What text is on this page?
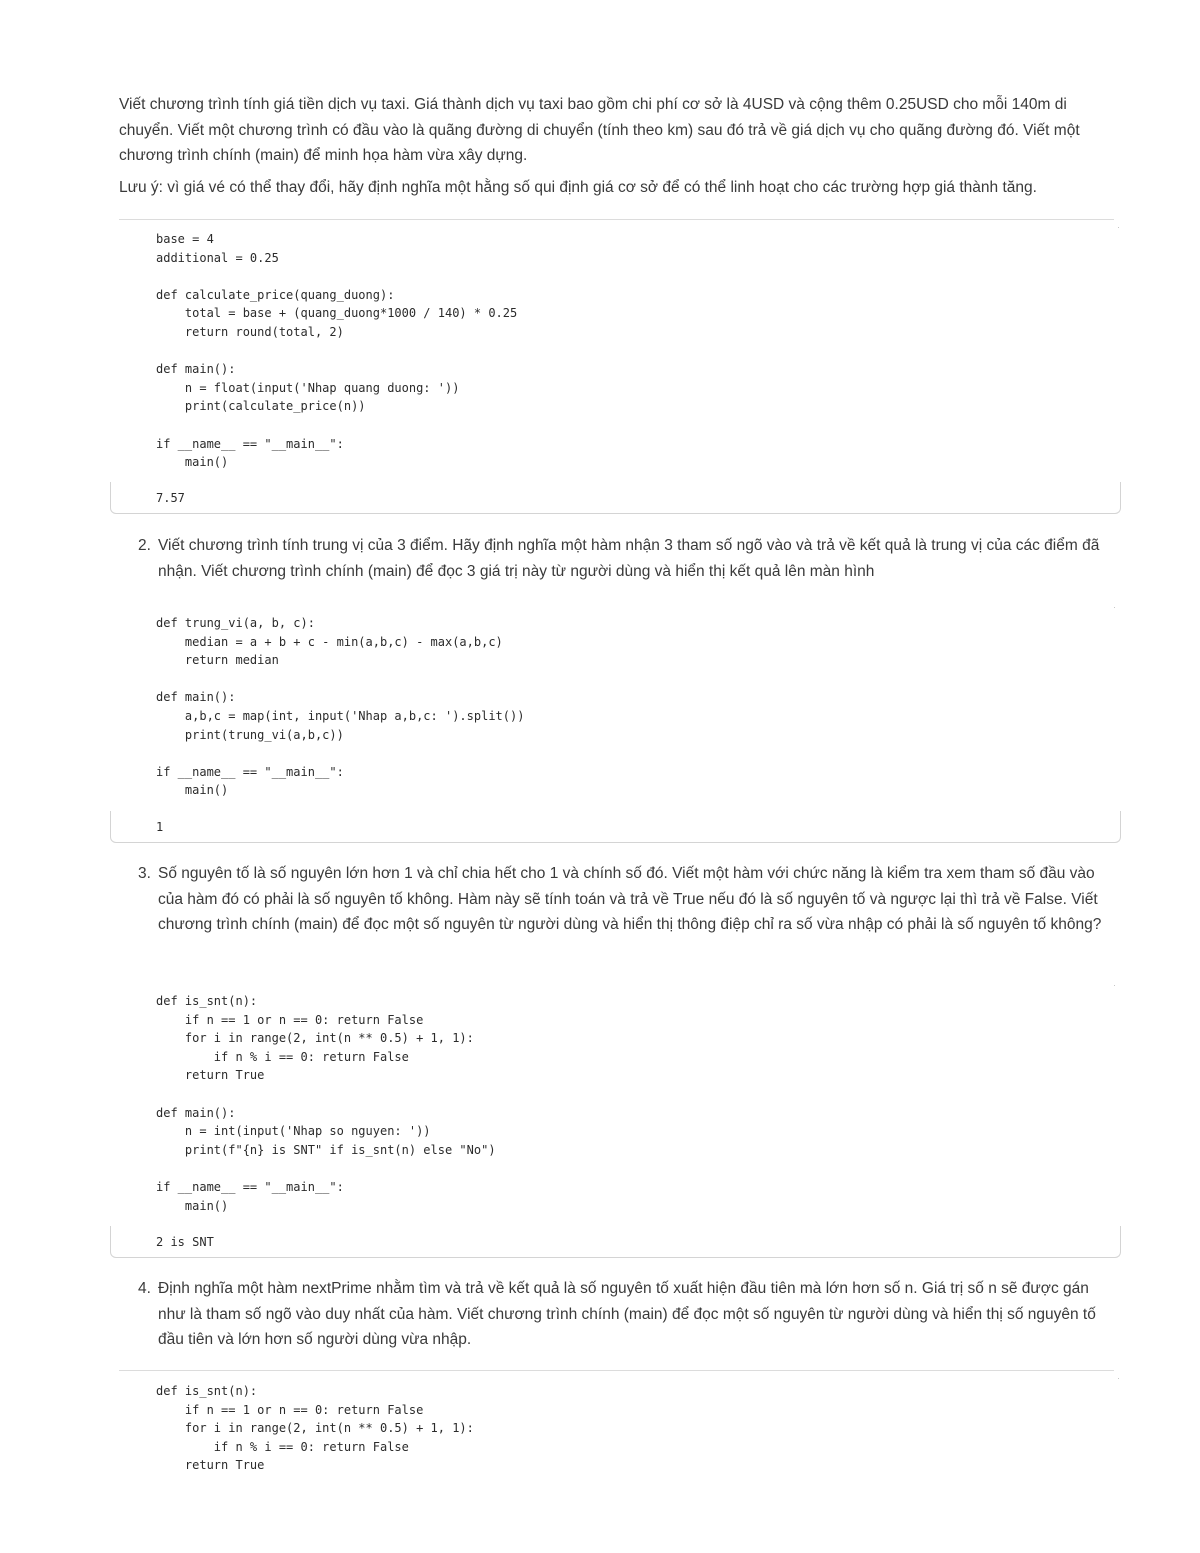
Viết chương trình tính giá tiền dịch vụ taxi. Giá thành dịch vụ taxi bao gồm chi phí cơ sở là 4USD và cộng thêm 0.25USD cho mỗi 140m di chuyển. Viết một chương trình có đầu vào là quãng đường di chuyển (tính theo km) sau đó trả về giá dịch vụ cho quãng đường đó. Viết một chương trình chính (main) để minh họa hàm vừa xây dựng.

Lưu ý: vì giá vé có thể thay đổi, hãy định nghĩa một hằng số qui định giá cơ sở để có thể linh hoạt cho các trường hợp giá thành tăng.

·
base = 4
additional = 0.25

def calculate_price(quang_duong):
total = base + (quang_duong*1000 / 140) * 0.25
return round(total, 2)

def main():
n = float(input('Nhap quang duong: '))
print(calculate_price(n))

if __name__ == "__main__":
main()
7.57
2. Viết chương trình tính trung vị của 3 điểm. Hãy định nghĩa một hàm nhận 3 tham số ngõ vào và trả về kết quả là trung vị của các điểm đã nhận. Viết chương trình chính (main) để đọc 3 giá trị này từ người dùng và hiển thị kết quả lên màn hình

·
def trung_vi(a, b, c):
median = a + b + c - min(a,b,c) - max(a,b,c)
return median

def main():
a,b,c = map(int, input('Nhap a,b,c: ').split())
print(trung_vi(a,b,c))

if __name__ == "__main__":
main()
1
3. Số nguyên tố là số nguyên lớn hơn 1 và chỉ chia hết cho 1 và chính số đó. Viết một hàm với chức năng là kiểm tra xem tham số đầu vào của hàm đó có phải là số nguyên tố không. Hàm này sẽ tính toán và trả về True nếu đó là số nguyên tố và ngược lại thì trả về False. Viết chương trình chính (main) để đọc một số nguyên từ người dùng và hiển thị thông điệp chỉ ra số vừa nhập có phải là số nguyên tố không?

·
def is_snt(n):
if n == 1 or n == 0: return False
for i in range(2, int(n ** 0.5) + 1, 1):
if n % i == 0: return False
return True

def main():
n = int(input('Nhap so nguyen: '))
print(f"{n} is SNT" if is_snt(n) else "No")

if __name__ == "__main__":
main()
2 is SNT
4. Định nghĩa một hàm nextPrime nhằm tìm và trả về kết quả là số nguyên tố xuất hiện đầu tiên mà lớn hơn số n. Giá trị số n sẽ được gán như là tham số ngõ vào duy nhất của hàm. Viết chương trình chính (main) để đọc một số nguyên từ người dùng và hiển thị số nguyên tố đầu tiên và lớn hơn số người dùng vừa nhập.

·
def is_snt(n):
if n == 1 or n == 0: return False
for i in range(2, int(n ** 0.5) + 1, 1):
if n % i == 0: return False
return True
